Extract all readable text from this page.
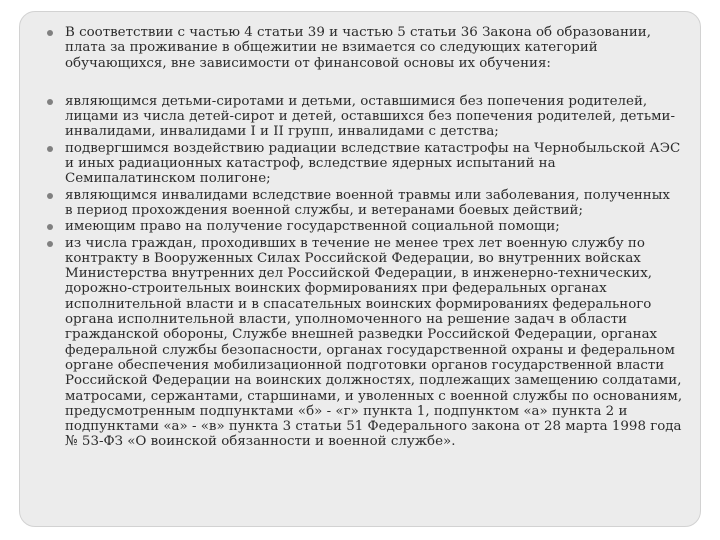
В соответствии с частью 4 статьи 39 и частью 5 статьи 36 Закона об образовании,
плата за проживание в общежитии не взимается со следующих категорий
обучающихся, вне зависимости от финансовой основы их обучения:
являющимся детьми-сиротами и детьми, оставшимися без попечения родителей,
лицами из числа детей-сирот и детей, оставшихся без попечения родителей, детьми-
инвалидами, инвалидами I и II групп, инвалидами с детства;
подвергшимся воздействию радиации вследствие катастрофы на Чернобыльской АЭС
и иных радиационных катастроф, вследствие ядерных испытаний на
Семипалатинском полигоне;
являющимся инвалидами вследствие военной травмы или заболевания, полученных
в период прохождения военной службы, и ветеранами боевых действий;
имеющим право на получение государственной социальной помощи;
из числа граждан, проходивших в течение не менее трех лет военную службу по
контракту в Вооруженных Силах Российской Федерации, во внутренних войсках
Министерства внутренних дел Российской Федерации, в инженерно-технических,
дорожно-строительных воинских формированиях при федеральных органах
исполнительной власти и в спасательных воинских формированиях федерального
органа исполнительной власти, уполномоченного на решение задач в области
гражданской обороны, Службе внешней разведки Российской Федерации, органах
федеральной службы безопасности, органах государственной охраны и федеральном
органе обеспечения мобилизационной подготовки органов государственной власти
Российской Федерации на воинских должностях, подлежащих замещению солдатами,
матросами, сержантами, старшинами, и уволенных с военной службы по основаниям,
предусмотренным подпунктами «б» - «г» пункта 1, подпунктом «а» пункта 2 и
подпунктами «а» - «в» пункта 3 статьи 51 Федерального закона от 28 марта 1998 года
№ 53-ФЗ «О воинской обязанности и военной службе».
